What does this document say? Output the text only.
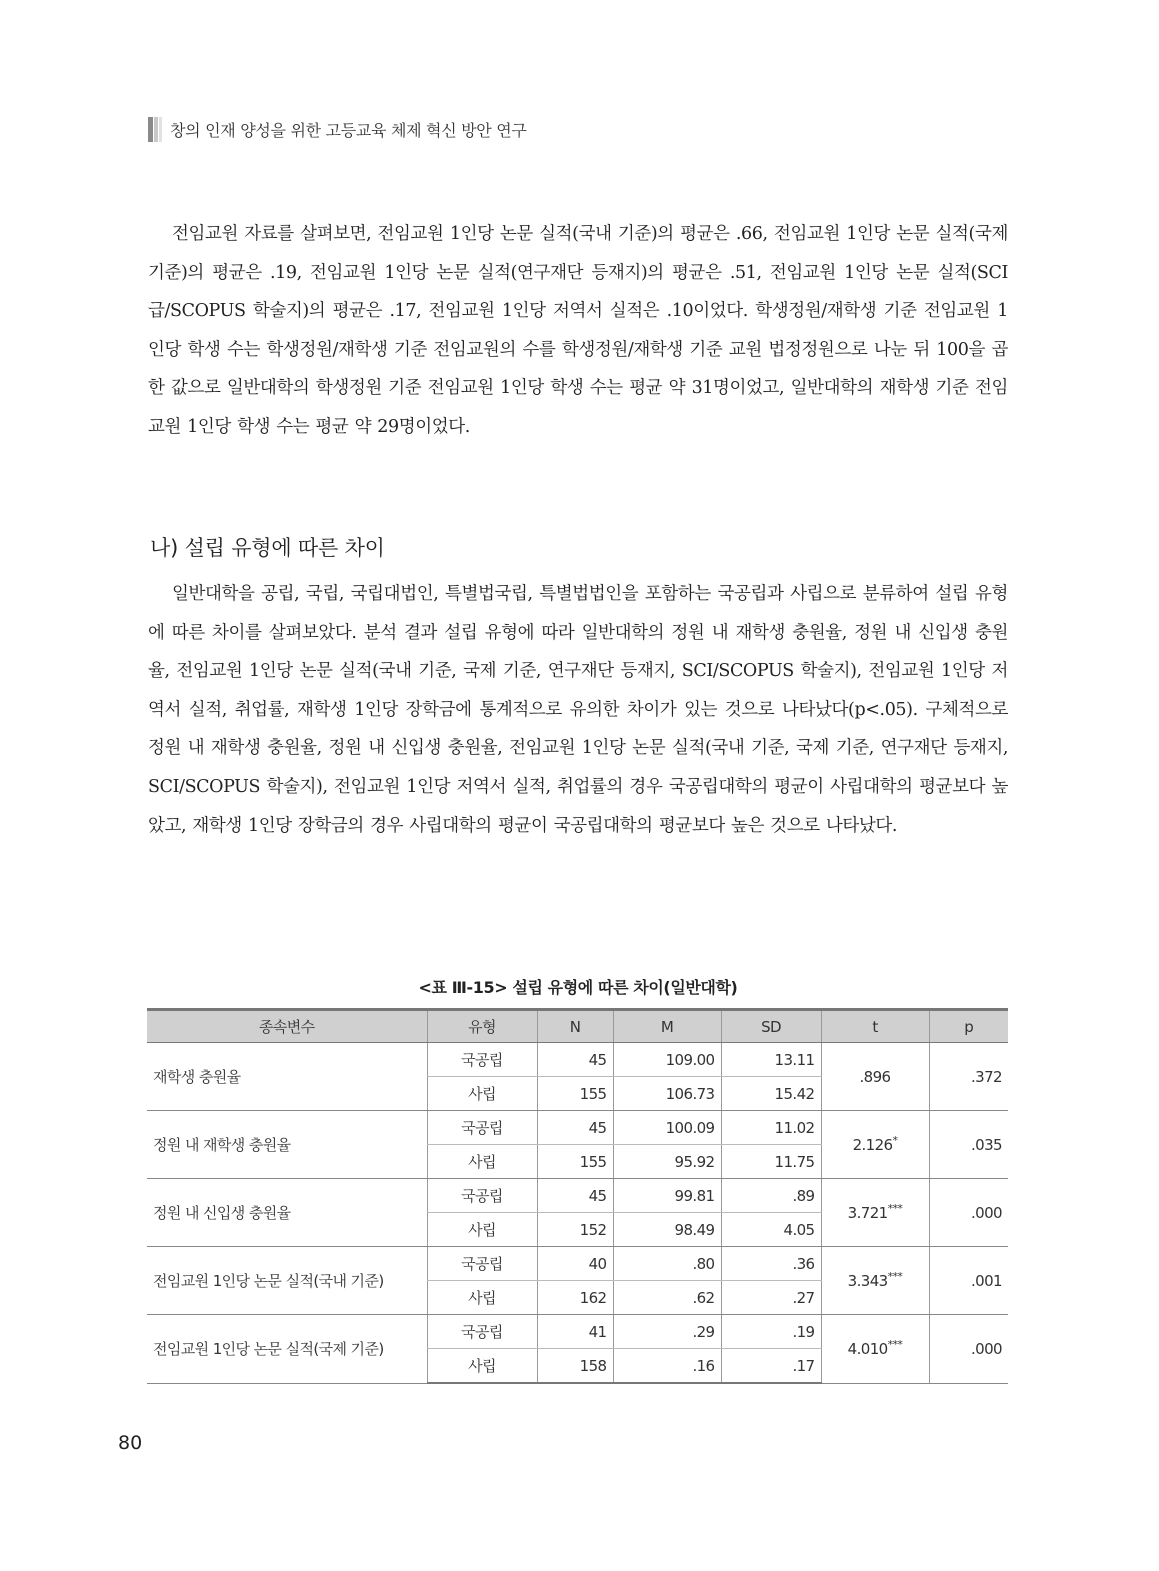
창의 인재 양성을 위한 고등교육 체제 혁신 방안 연구

전임교원 자료를 살펴보면, 전임교원 1인당 논문 실적(국내 기준)의 평균은 .66, 전임교원 1인당 논문 실적(국제 기준)의 평균은 .19, 전임교원 1인당 논문 실적(연구재단 등재지)의 평균은 .51, 전임교원 1인당 논문 실적(SCI급/SCOPUS 학술지)의 평균은 .17, 전임교원 1인당 저역서 실적은 .10이었다. 학생정원/재학생 기준 전임교원 1인당 학생 수는 학생정원/재학생 기준 전임교원의 수를 학생정원/재학생 기준 교원 법정정원으로 나눈 뒤 100을 곱한 값으로 일반대학의 학생정원 기준 전임교원 1인당 학생 수는 평균 약 31명이었고, 일반대학의 재학생 기준 전임교원 1인당 학생 수는 평균 약 29명이었다.

나) 설립 유형에 따른 차이

일반대학을 공립, 국립, 국립대법인, 특별법국립, 특별법법인을 포함하는 국공립과 사립으로 분류하여 설립 유형에 따른 차이를 살펴보았다. 분석 결과 설립 유형에 따라 일반대학의 정원 내 재학생 충원율, 정원 내 신입생 충원율, 전임교원 1인당 논문 실적(국내 기준, 국제 기준, 연구재단 등재지, SCI/SCOPUS 학술지), 전임교원 1인당 저역서 실적, 취업률, 재학생 1인당 장학금에 통계적으로 유의한 차이가 있는 것으로 나타났다(p<.05). 구체적으로 정원 내 재학생 충원율, 정원 내 신입생 충원율, 전임교원 1인당 논문 실적(국내 기준, 국제 기준, 연구재단 등재지, SCI/SCOPUS 학술지), 전임교원 1인당 저역서 실적, 취업률의 경우 국공립대학의 평균이 사립대학의 평균보다 높았고, 재학생 1인당 장학금의 경우 사립대학의 평균이 국공립대학의 평균보다 높은 것으로 나타났다.

<표 Ⅲ-15> 설립 유형에 따른 차이(일반대학)
종속변수	유형	N	M	SD	t	p
재학생 충원율	국공립	45	109.00	13.11	.896	.372
	사립	155	106.73	15.42		
정원 내 재학생 충원율	국공립	45	100.09	11.02	2.126*	.035
	사립	155	95.92	11.75		
정원 내 신입생 충원율	국공립	45	99.81	.89	3.721***	.000
	사립	152	98.49	4.05		
전임교원 1인당 논문 실적(국내 기준)	국공립	40	.80	.36	3.343***	.001
	사립	162	.62	.27		
전임교원 1인당 논문 실적(국제 기준)	국공립	41	.29	.19	4.010***	.000
	사립	158	.16	.17		
80
